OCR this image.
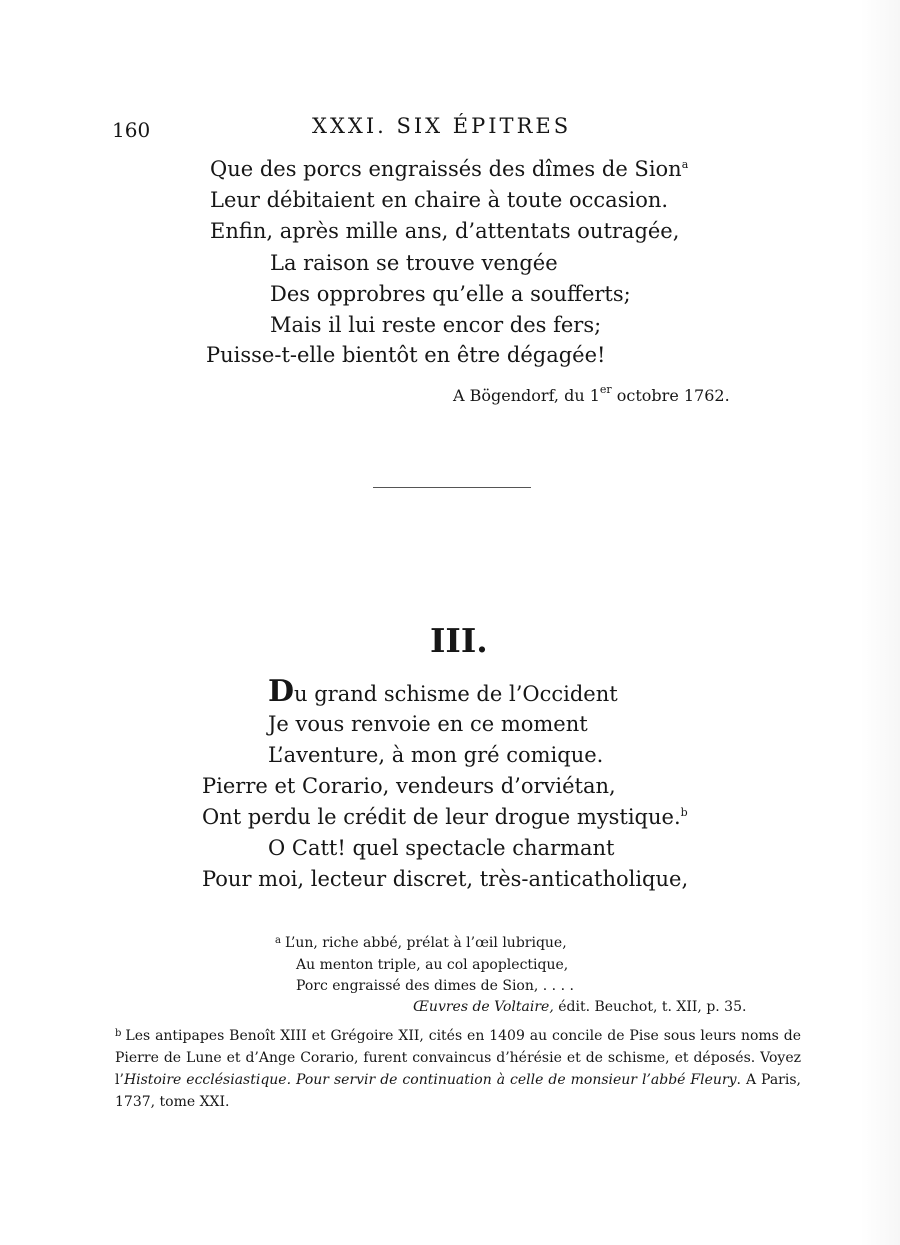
160	XXXI. SIX ÉPITRES
Que des porcs engraissés des dîmes de Sion$^a$
Leur débitaient en chaire à toute occasion.
Enfin, après mille ans, d’attentats outragée,
La raison se trouve vengée
Des opprobres qu’elle a soufferts;
Mais il lui reste encor des fers;
Puisse-t-elle bientôt en être dégagée!
A Bögendorf, du 1er octobre 1762.
III.
Du grand schisme de l’Occident
Je vous renvoie en ce moment
L’aventure, à mon gré comique.
Pierre et Corario, vendeurs d’orviétan,
Ont perdu le crédit de leur drogue mystique.$^b$
O Catt! quel spectacle charmant
Pour moi, lecteur discret, très-anticatholique,
$^a$ L’un, riche abbé, prélat à l’œil lubrique,
Au menton triple, au col apoplectique,
Porc engraissé des dimes de Sion, . . . .
Œuvres de Voltaire, édit. Beuchot, t. XII, p. 35.
$^b$ Les antipapes Benoît XIII et Grégoire XII, cités en 1409 au concile de Pise sous leurs noms de Pierre de Lune et d’Ange Corario, furent convaincus d’hérésie et de schisme, et déposés. Voyez l’Histoire ecclésiastique. Pour servir de continuation à celle de monsieur l’abbé Fleury. A Paris, 1737, tome XXI.
